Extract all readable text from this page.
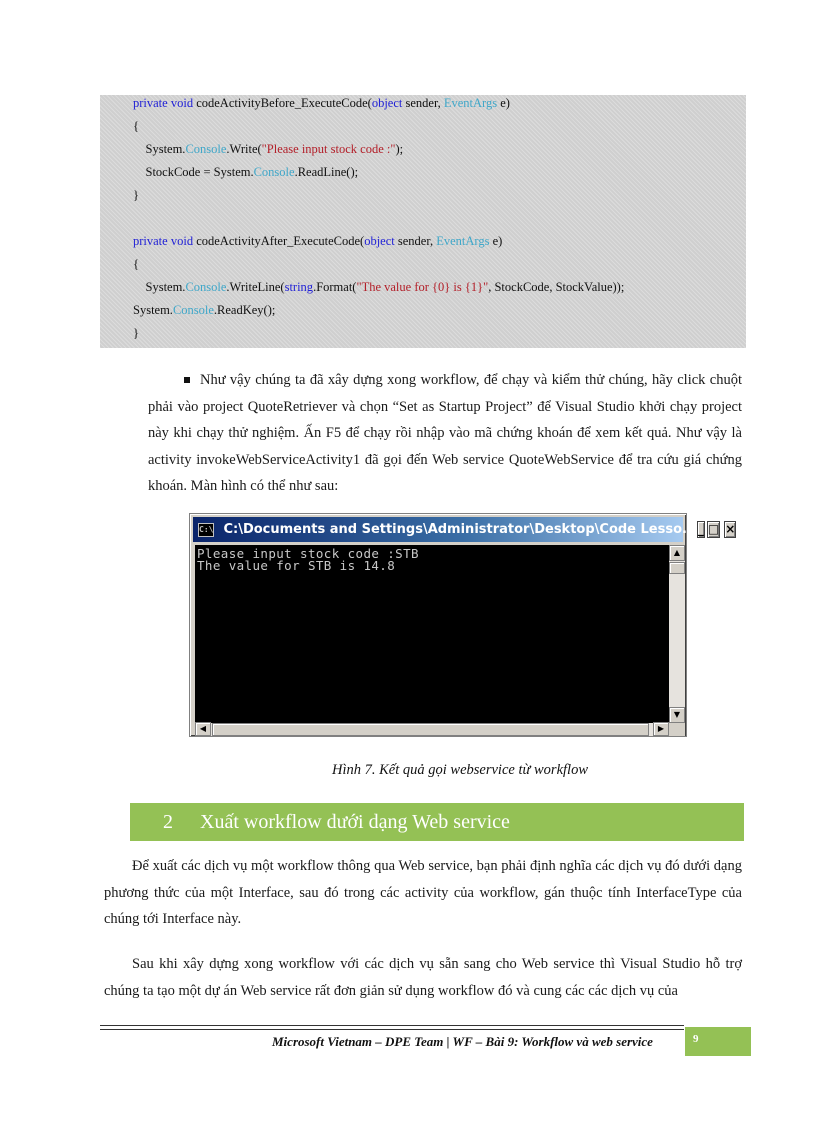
private void codeActivityBefore_ExecuteCode(object sender, EventArgs e)
{
System.Console.Write("Please input stock code :");
StockCode = System.Console.ReadLine();
}
private void codeActivityAfter_ExecuteCode(object sender, EventArgs e)
{
System.Console.WriteLine(string.Format("The value for {0} is {1}", StockCode, StockValue));
System.Console.ReadKey();
}
Như vậy chúng ta đã xây dựng xong workflow, để chạy và kiểm thử chúng, hãy click chuột phải vào project QuoteRetriever và chọn “Set as Startup Project” để Visual Studio khởi chạy project này khi chạy thử nghiệm. Ấn F5 để chạy rồi nhập vào mã chứng khoán để xem kết quả. Như vậy là activity invokeWebServiceActivity1 đã gọi đến Web service QuoteWebService để tra cứu giá chứng khoán. Màn hình có thể như sau:
C:\ C:\Documents and Settings\Administrator\Desktop\Code Lesso... _ □ ×
Please input stock code :STB
The value for STB is 14.8
▲
▼
◀	▶
Hình 7. Kết quả gọi webservice từ workflow
2	Xuất workflow dưới dạng Web service
Để xuất các dịch vụ một workflow thông qua Web service, bạn phải định nghĩa các dịch vụ đó dưới dạng phương thức của một Interface, sau đó trong các activity của workflow, gán thuộc tính InterfaceType của chúng tới Interface này.
Sau khi xây dựng xong workflow với các dịch vụ sẵn sang cho Web service thì Visual Studio hỗ trợ chúng ta tạo một dự án Web service rất đơn giản sử dụng workflow đó và cung các các dịch vụ của
Microsoft Vietnam – DPE Team | WF – Bài 9: Workflow và web service	9
